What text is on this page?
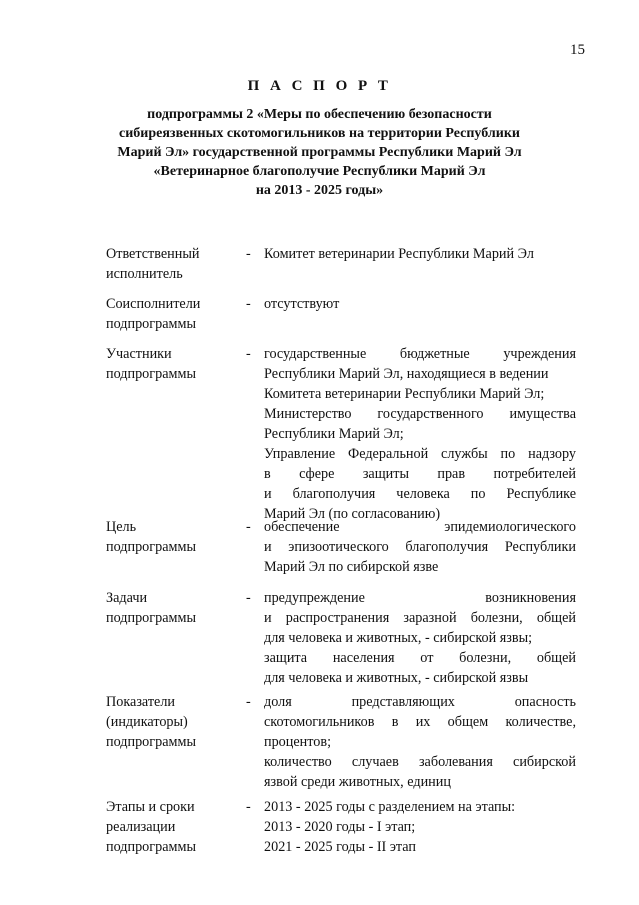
15
П А С П О Р Т
подпрограммы 2 «Меры по обеспечению безопасности
сибиреязвенных скотомогильников на территории Республики
Марий Эл» государственной программы Республики Марий Эл
«Ветеринарное благополучие Республики Марий Эл
на 2013 - 2025 годы»
Ответственный
исполнитель
- Комитет ветеринарии Республики Марий Эл
Соисполнители
подпрограммы
- отсутствуют
Участники
подпрограммы
- государственные бюджетные учреждения
Республики Марий Эл, находящиеся в ведении
Комитета ветеринарии Республики Марий Эл;
Министерство государственного имущества
Республики Марий Эл;
Управление Федеральной службы по надзору
в сфере защиты прав потребителей
и благополучия человека по Республике
Марий Эл (по согласованию)
Цель
подпрограммы
- обеспечение эпидемиологического
и эпизоотического благополучия Республики
Марий Эл по сибирской язве
Задачи
подпрограммы
- предупреждение возникновения
и распространения заразной болезни, общей
для человека и животных, - сибирской язвы;
защита населения от болезни, общей
для человека и животных, - сибирской язвы
Показатели
(индикаторы)
подпрограммы
- доля представляющих опасность
скотомогильников в их общем количестве,
процентов;
количество случаев заболевания сибирской
язвой среди животных, единиц
Этапы и сроки
реализации
подпрограммы
- 2013 - 2025 годы с разделением на этапы:
2013 - 2020 годы - I этап;
2021 - 2025 годы - II этап
